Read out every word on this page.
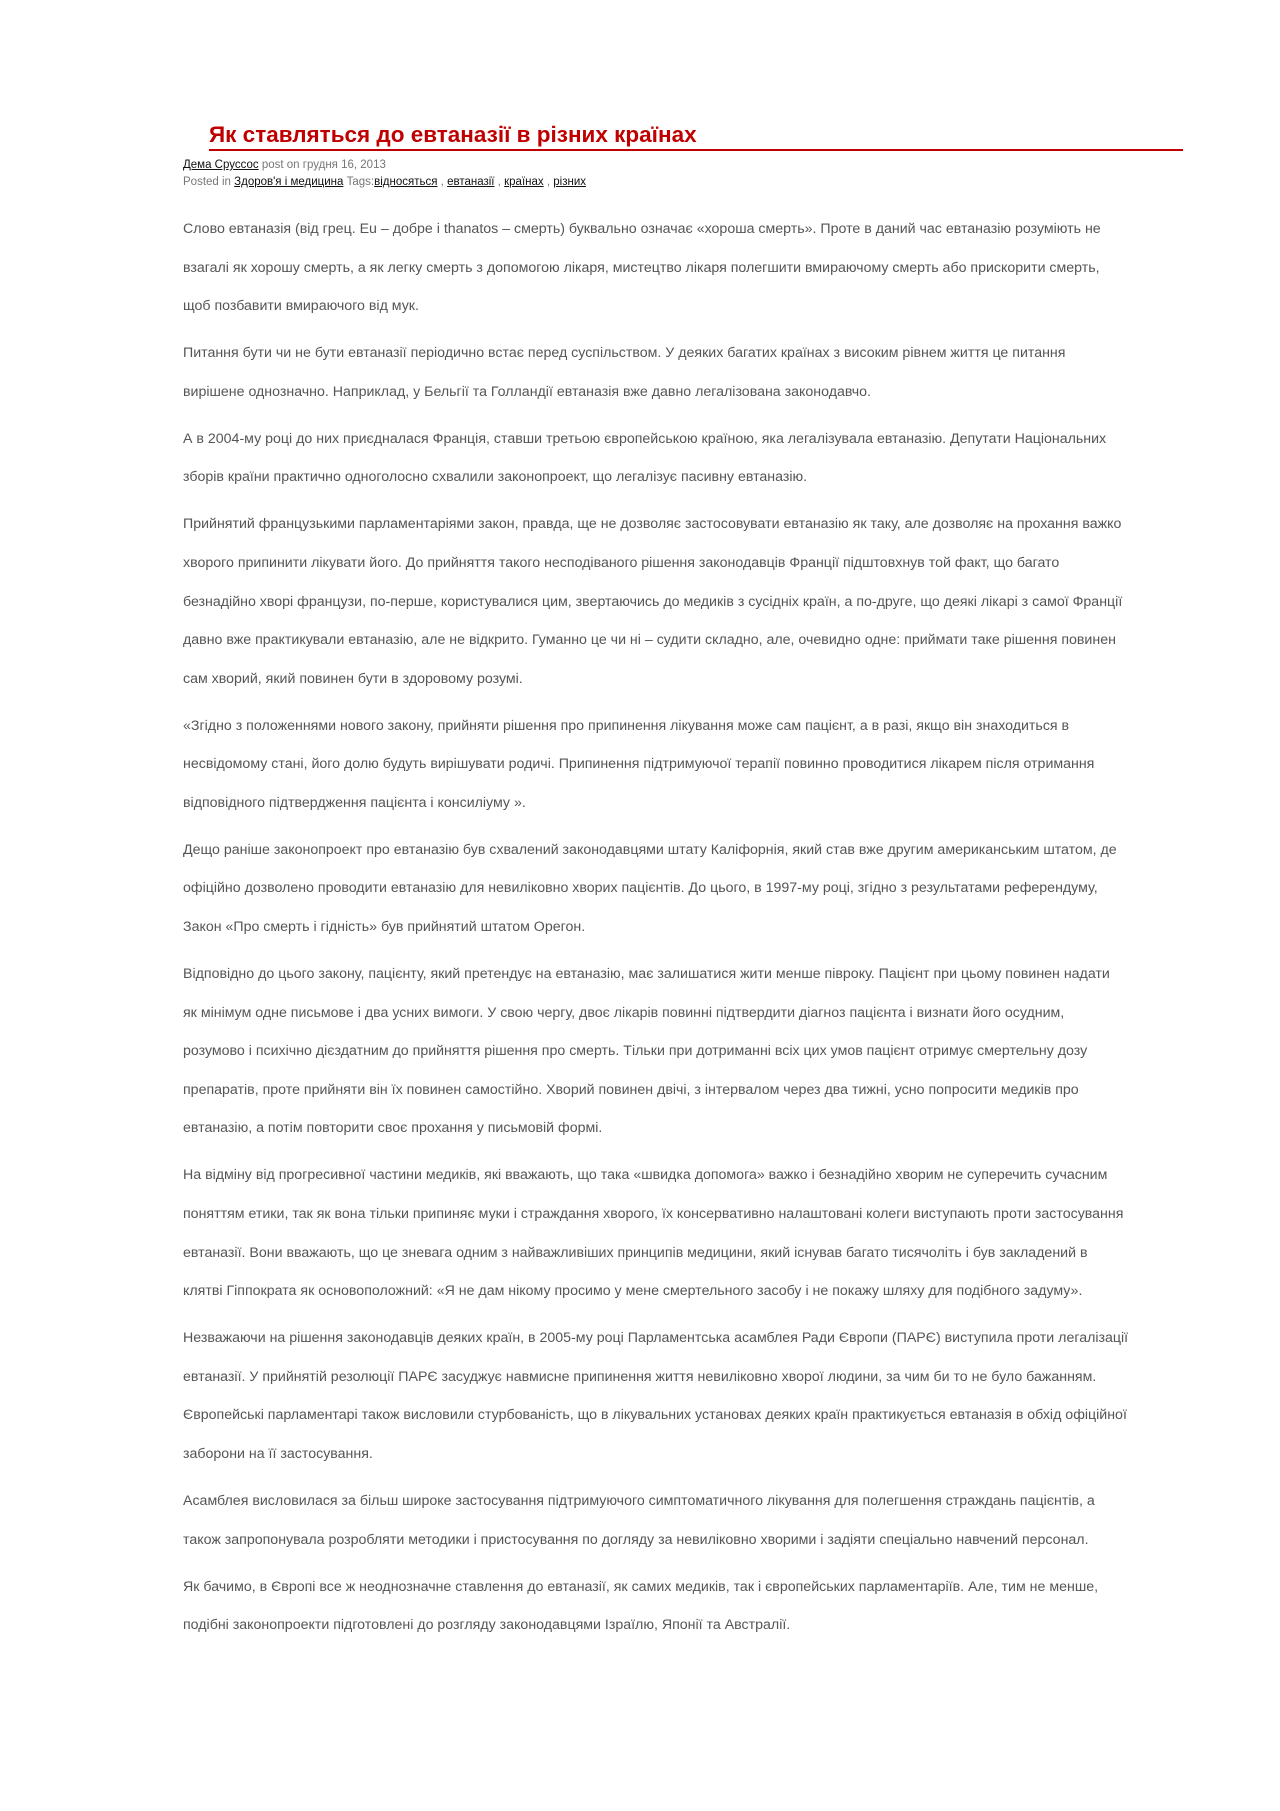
Як ставляться до евтаназії в різних країнах
Дема Сруссос post on грудня 16, 2013
Posted in Здоров'я і медицина Tags:відносяться , евтаназії , країнах , різних

Слово евтаназія (від грец. Eu – добре і thanatos – смерть) буквально означає «хороша смерть». Проте в даний час евтаназію розуміють не
взагалі як хорошу смерть, а як легку смерть з допомогою лікаря, мистецтво лікаря полегшити вмираючому смерть або прискорити смерть,
щоб позбавити вмираючого від мук.

Питання бути чи не бути евтаназії періодично встає перед суспільством. У деяких багатих країнах з високим рівнем життя це питання
вирішене однозначно. Наприклад, у Бельгії та Голландії евтаназія вже давно легалізована законодавчо.

А в 2004-му році до них приєдналася Франція, ставши третьою європейською країною, яка легалізувала евтаназію. Депутати Національних
зборів країни практично одноголосно схвалили законопроект, що легалізує пасивну евтаназію.

Прийнятий французькими парламентаріями закон, правда, ще не дозволяє застосовувати евтаназію як таку, але дозволяє на прохання важко
хворого припинити лікувати його. До прийняття такого несподіваного рішення законодавців Франції підштовхнув той факт, що багато
безнадійно хворі французи, по-перше, користувалися цим, звертаючись до медиків з сусідніх країн, а по-друге, що деякі лікарі з самої Франції
давно вже практикували евтаназію, але не відкрито. Гуманно це чи ні – судити складно, але, очевидно одне: приймати таке рішення повинен
сам хворий, який повинен бути в здоровому розумі.

«Згідно з положеннями нового закону, прийняти рішення про припинення лікування може сам пацієнт, а в разі, якщо він знаходиться в
несвідомому стані, його долю будуть вирішувати родичі. Припинення підтримуючої терапії повинно проводитися лікарем після отримання
відповідного підтвердження пацієнта і консиліуму ».

Дещо раніше законопроект про евтаназію був схвалений законодавцями штату Каліфорнія, який став вже другим американським штатом, де
офіційно дозволено проводити евтаназію для невиліковно хворих пацієнтів. До цього, в 1997-му році, згідно з результатами референдуму,
Закон «Про смерть і гідність» був прийнятий штатом Орегон.

Відповідно до цього закону, пацієнту, який претендує на евтаназію, має залишатися жити менше півроку. Пацієнт при цьому повинен надати
як мінімум одне письмове і два усних вимоги. У свою чергу, двоє лікарів повинні підтвердити діагноз пацієнта і визнати його осудним,
розумово і психічно дієздатним до прийняття рішення про смерть. Тільки при дотриманні всіх цих умов пацієнт отримує смертельну дозу
препаратів, проте прийняти він їх повинен самостійно. Хворий повинен двічі, з інтервалом через два тижні, усно попросити медиків про
евтаназію, а потім повторити своє прохання у письмовій формі.

На відміну від прогресивної частини медиків, які вважають, що така «швидка допомога» важко і безнадійно хворим не суперечить сучасним
поняттям етики, так як вона тільки припиняє муки і страждання хворого, їх консервативно налаштовані колеги виступають проти застосування
евтаназії. Вони вважають, що це зневага одним з найважливіших принципів медицини, який існував багато тисячоліть і був закладений в
клятві Гіппократа як основоположний: «Я не дам нікому просимо у мене смертельного засобу і не покажу шляху для подібного задуму».

Незважаючи на рішення законодавців деяких країн, в 2005-му році Парламентська асамблея Ради Європи (ПАРЄ) виступила проти легалізації
евтаназії. У прийнятій резолюції ПАРЄ засуджує навмисне припинення життя невиліковно хворої людини, за чим би то не було бажанням.
Європейські парламентарі також висловили стурбованість, що в лікувальних установах деяких країн практикується евтаназія в обхід офіційної
заборони на її застосування.

Асамблея висловилася за більш широке застосування підтримуючого симптоматичного лікування для полегшення страждань пацієнтів, а
також запропонувала розробляти методики і пристосування по догляду за невиліковно хворими і задіяти спеціально навчений персонал.

Як бачимо, в Європі все ж неоднозначне ставлення до евтаназії, як самих медиків, так і європейських парламентаріїв. Але, тим не менше,
подібні законопроекти підготовлені до розгляду законодавцями Ізраїлю, Японії та Австралії.
